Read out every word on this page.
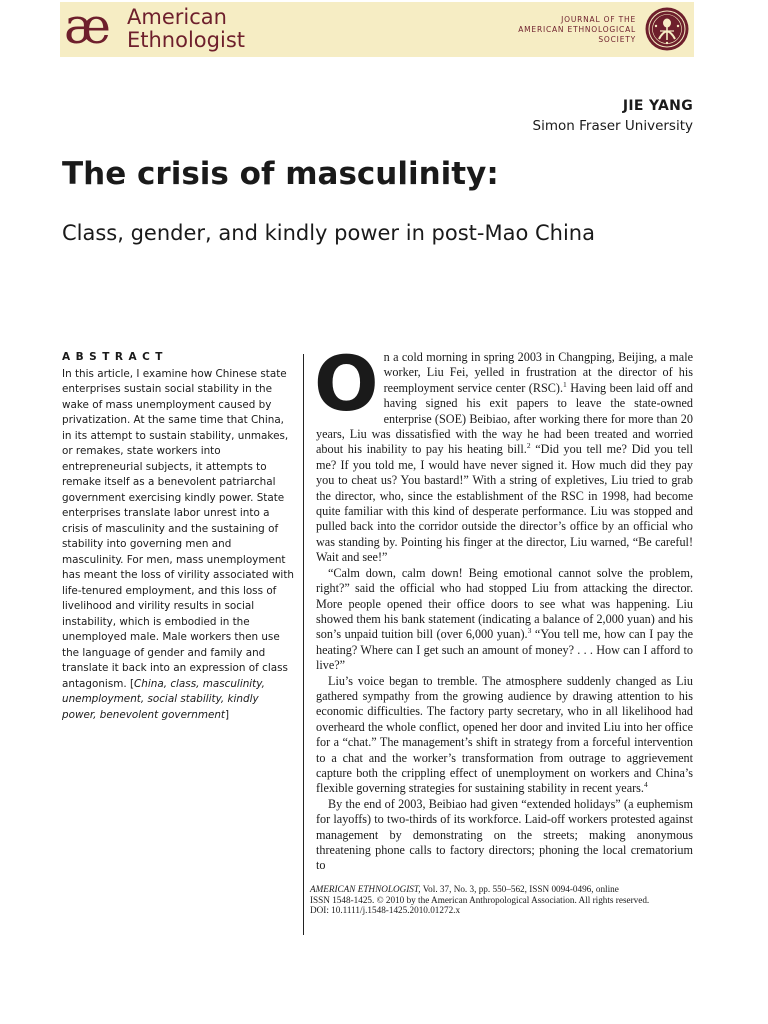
æ American
Ethnologist
JOURNAL OF THE
AMERICAN ETHNOLOGICAL
SOCIETY
JIE YANG
Simon Fraser University
The crisis of masculinity:
Class, gender, and kindly power in post-Mao China
ABSTRACT

In this article, I examine how Chinese state enterprises sustain social stability in the wake of mass unemployment caused by privatization. At the same time that China, in its attempt to sustain stability, unmakes, or remakes, state workers into entrepreneurial subjects, it attempts to remake itself as a benevolent patriarchal government exercising kindly power. State enterprises translate labor unrest into a crisis of masculinity and the sustaining of stability into governing men and masculinity. For men, mass unemployment has meant the loss of virility associated with life-tenured employment, and this loss of livelihood and virility results in social instability, which is embodied in the unemployed male. Male workers then use the language of gender and family and translate it back into an expression of class antagonism. [China, class, masculinity, unemployment, social stability, kindly power, benevolent government]

On a cold morning in spring 2003 in Changping, Beijing, a male worker, Liu Fei, yelled in frustration at the director of his reemployment service center (RSC).$^1$ Having been laid off and having signed his exit papers to leave the state-owned enterprise (SOE) Beibiao, after working there for more than 20 years, Liu was dissatisfied with the way he had been treated and worried about his inability to pay his heating bill.$^2$ “Did you tell me? Did you tell me? If you told me, I would have never signed it. How much did they pay you to cheat us? You bastard!” With a string of expletives, Liu tried to grab the director, who, since the establishment of the RSC in 1998, had become quite familiar with this kind of desperate performance. Liu was stopped and pulled back into the corridor outside the director’s office by an official who was standing by. Pointing his finger at the director, Liu warned, “Be careful! Wait and see!”

“Calm down, calm down! Being emotional cannot solve the problem, right?” said the official who had stopped Liu from attacking the director. More people opened their office doors to see what was happening. Liu showed them his bank statement (indicating a balance of 2,000 yuan) and his son’s unpaid tuition bill (over 6,000 yuan).$^3$ “You tell me, how can I pay the heating? Where can I get such an amount of money? . . . How can I afford to live?”

Liu’s voice began to tremble. The atmosphere suddenly changed as Liu gathered sympathy from the growing audience by drawing attention to his economic difficulties. The factory party secretary, who in all likelihood had overheard the whole conflict, opened her door and invited Liu into her office for a “chat.” The management’s shift in strategy from a forceful intervention to a chat and the worker’s transformation from outrage to aggrievement capture both the crippling effect of unemployment on workers and China’s flexible governing strategies for sustaining stability in recent years.$^4$

By the end of 2003, Beibiao had given “extended holidays” (a euphemism for layoffs) to two-thirds of its workforce. Laid-off workers protested against management by demonstrating on the streets; making anonymous threatening phone calls to factory directors; phoning the local crematorium to

AMERICAN ETHNOLOGIST, Vol. 37, No. 3, pp. 550–562, ISSN 0094-0496, online
ISSN 1548-1425. © 2010 by the American Anthropological Association. All rights reserved.
DOI: 10.1111/j.1548-1425.2010.01272.x
